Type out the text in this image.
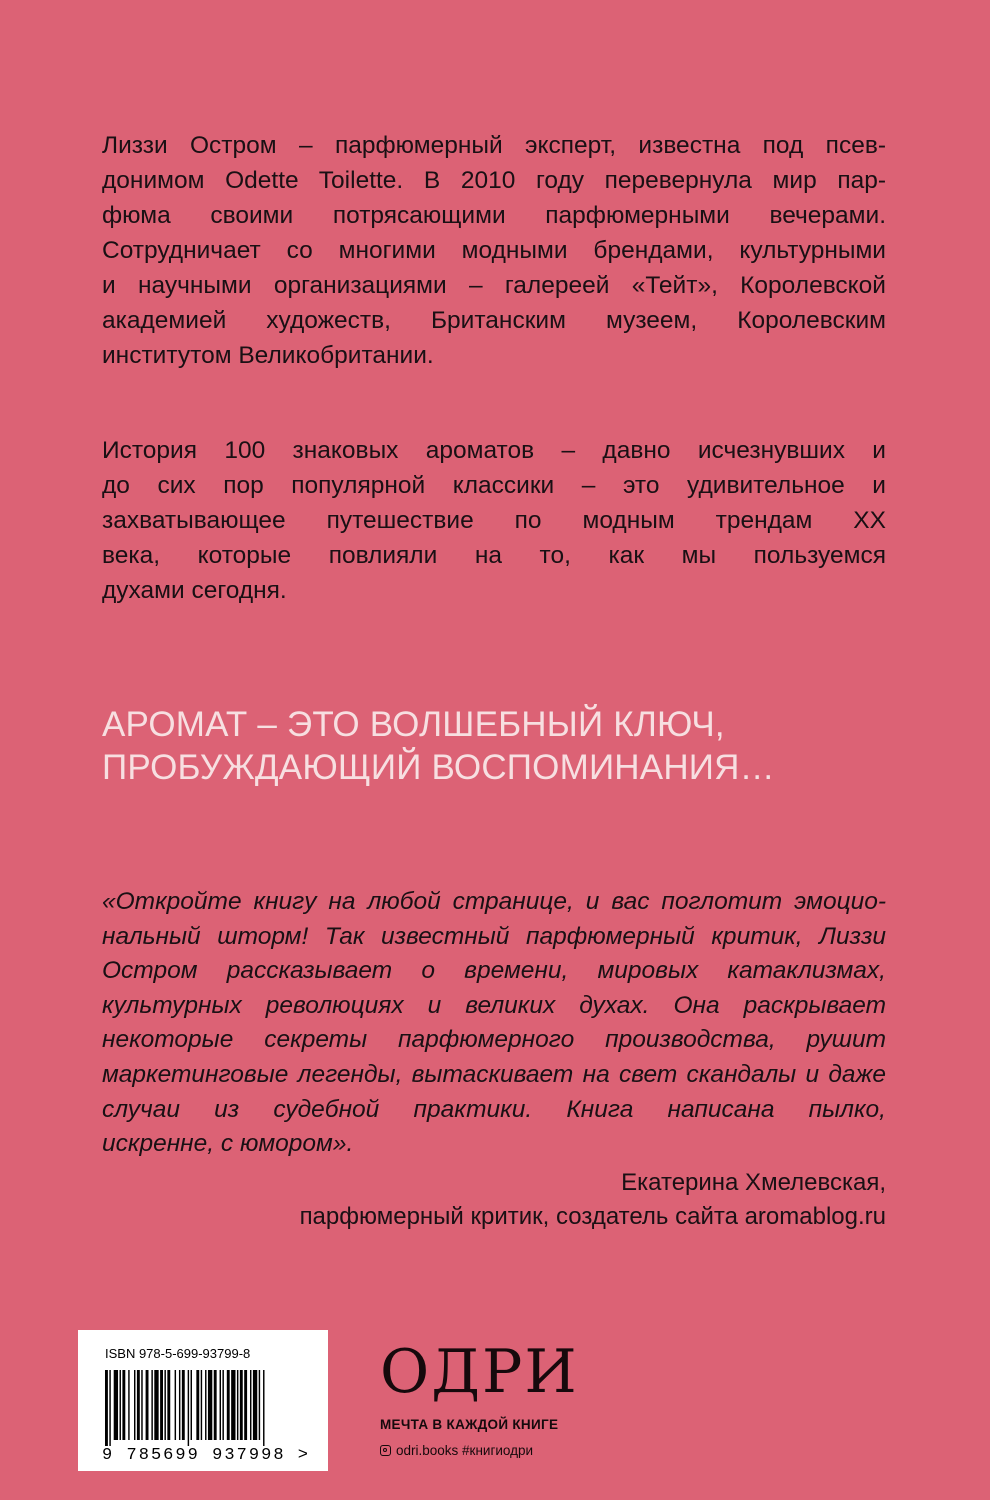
Лиззи Остром – парфюмерный эксперт, известна под псев-
донимом Odette Toilette. В 2010 году перевернула мир пар-
фюма своими потрясающими парфюмерными вечерами.
Сотрудничает со многими модными брендами, культурными
и научными организациями – галереей «Тейт», Королевской
академией художеств, Британским музеем, Королевским
институтом Великобритании.
История 100 знаковых ароматов – давно исчезнувших и
до сих пор популярной классики – это удивительное и
захватывающее путешествие по модным трендам XX
века, которые повлияли на то, как мы пользуемся
духами сегодня.
АРОМАТ – ЭТО ВОЛШЕБНЫЙ КЛЮЧ,
ПРОБУЖДАЮЩИЙ ВОСПОМИНАНИЯ…
«Откройте книгу на любой странице, и вас поглотит эмоцио-
нальный шторм! Так известный парфюмерный критик, Лиззи
Остром рассказывает о времени, мировых катаклизмах,
культурных революциях и великих духах. Она раскрывает
некоторые секреты парфюмерного производства, рушит
маркетинговые легенды, вытаскивает на свет скандалы и даже
случаи из судебной практики. Книга написана пылко,
искренне, с юмором».
Екатерина Хмелевская,
парфюмерный критик, создатель сайта aromablog.ru
ISBN 978-5-699-93799-8
9 785699 937998 >
ОДРИ
МЕЧТА В КАЖДОЙ КНИГЕ
odri.books #книгиодри
